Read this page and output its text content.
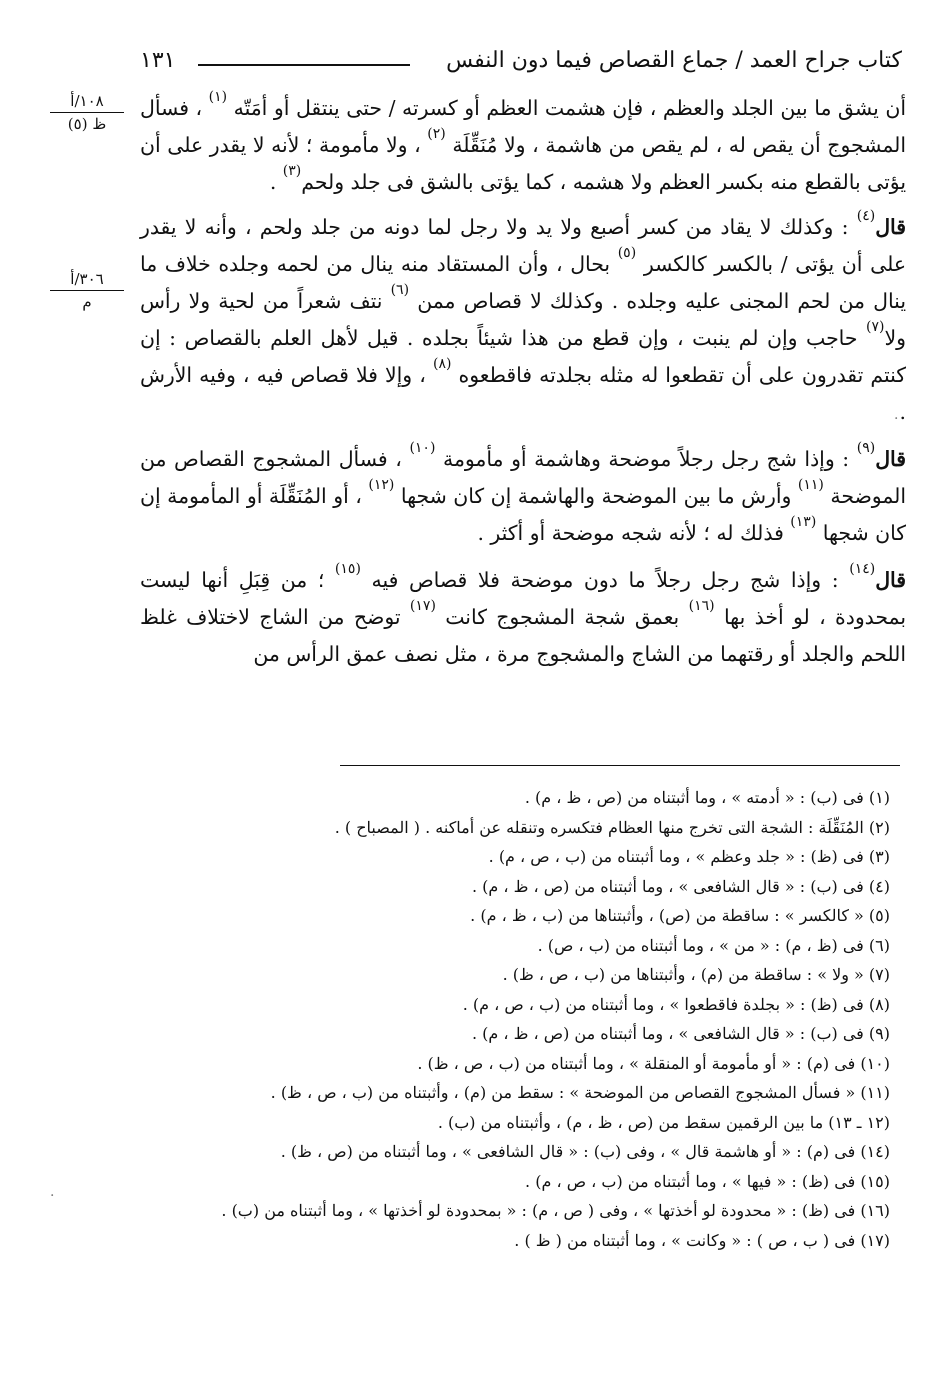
كتاب جراح العمد / جماع القصاص فيما دون النفس
١٣١
١٠٨/أ
ظ (٥)
٣٠٦/أ
م

أن يشق ما بين الجلد والعظم ، فإن هشمت العظم أو كسرته / حتى ينتقل أو أمَتّه $^{(١)}$ ، فسأل المشجوج أن يقص له ، لم يقص من هاشمة ، ولا مُنَقِّلَة $^{(٢)}$ ، ولا مأمومة ؛ لأنه لا يقدر على أن يؤتى بالقطع منه بكسر العظم ولا هشمه ، كما يؤتى بالشق فى جلد ولحم$^{(٣)}$ .

قال$^{(٤)}$ : وكذلك لا يقاد من كسر أصبع ولا يد ولا رجل لما دونه من جلد ولحم ، وأنه لا يقدر على أن يؤتى / بالكسر كالكسر $^{(٥)}$ بحال ، وأن المستقاد منه ينال من لحمه وجلده خلاف ما ينال من لحم المجنى عليه وجلده . وكذلك لا قصاص ممن $^{(٦)}$ نتف شعراً من لحية ولا رأس ولا$^{(٧)}$ حاجب وإن لم ينبت ، وإن قطع من هذا شيئاً بجلده . قيل لأهل العلم بالقصاص : إن كنتم تقدرون على أن تقطعوا له مثله بجلدته فاقطعوه $^{(٨)}$ ، وإلا فلا قصاص فيه ، وفيه الأرش .

قال$^{(٩)}$ : وإذا شج رجل رجلاً موضحة وهاشمة أو مأمومة $^{(١٠)}$ ، فسأل المشجوج القصاص من الموضحة $^{(١١)}$ وأرش ما بين الموضحة والهاشمة إن كان شجها $^{(١٢)}$ ، أو المُنَقِّلَة أو المأمومة إن كان شجها $^{(١٣)}$ فذلك له ؛ لأنه شجه موضحة أو أكثر .

قال$^{(١٤)}$ : وإذا شج رجل رجلاً ما دون موضحة فلا قصاص فيه $^{(١٥)}$ ؛ من قِبَلِ أنها ليست بمحدودة ، لو أخذ بها $^{(١٦)}$ بعمق شجة المشجوج كانت $^{(١٧)}$ توضح من الشاج لاختلاف غلظ اللحم والجلد أو رقتهما من الشاج والمشجوج مرة ، مثل نصف عمق الرأس من

·
(١) فى (ب) : « أدمته » ، وما أثبتناه من (ص ، ظ ، م) .
(٢) المُنَقِّلَة : الشجة التى تخرج منها العظام فتكسره وتنقله عن أماكنه . ( المصباح ) .
(٣) فى (ظ) : « جلد وعظم » ، وما أثبتناه من (ب ، ص ، م) .
(٤) فى (ب) : « قال الشافعى » ، وما أثبتناه من (ص ، ظ ، م) .
(٥) « كالكسر » : ساقطة من (ص) ، وأثبتناها من (ب ، ظ ، م) .
(٦) فى (ظ ، م) : « من » ، وما أثبتناه من (ب ، ص) .
(٧) « ولا » : ساقطة من (م) ، وأثبتناها من (ب ، ص ، ظ) .
(٨) فى (ظ) : « بجلدة فاقطعوا » ، وما أثبتناه من (ب ، ص ، م) .
(٩) فى (ب) : « قال الشافعى » ، وما أثبتناه من (ص ، ظ ، م) .
(١٠) فى (م) : « أو مأمومة أو المنقلة » ، وما أثبتناه من (ب ، ص ، ظ) .
(١١) « فسأل المشجوج القصاص من الموضحة » : سقط من (م) ، وأثبتناه من (ب ، ص ، ظ) .
(١٢ ـ ١٣) ما بين الرقمين سقط من (ص ، ظ ، م) ، وأثبتناه من (ب) .
(١٤) فى (م) : « أو هاشمة قال » ، وفى (ب) : « قال الشافعى » ، وما أثبتناه من (ص ، ظ) .
(١٥) فى (ظ) : « فيها » ، وما أثبتناه من (ب ، ص ، م) .
(١٦) فى (ظ) : « محدودة لو أخذتها » ، وفى ( ص ، م) : « بمحدودة لو أخذتها » ، وما أثبتناه من (ب) .
(١٧) فى ( ب ، ص ) : « وكانت » ، وما أثبتناه من ( ظ ) .
·
